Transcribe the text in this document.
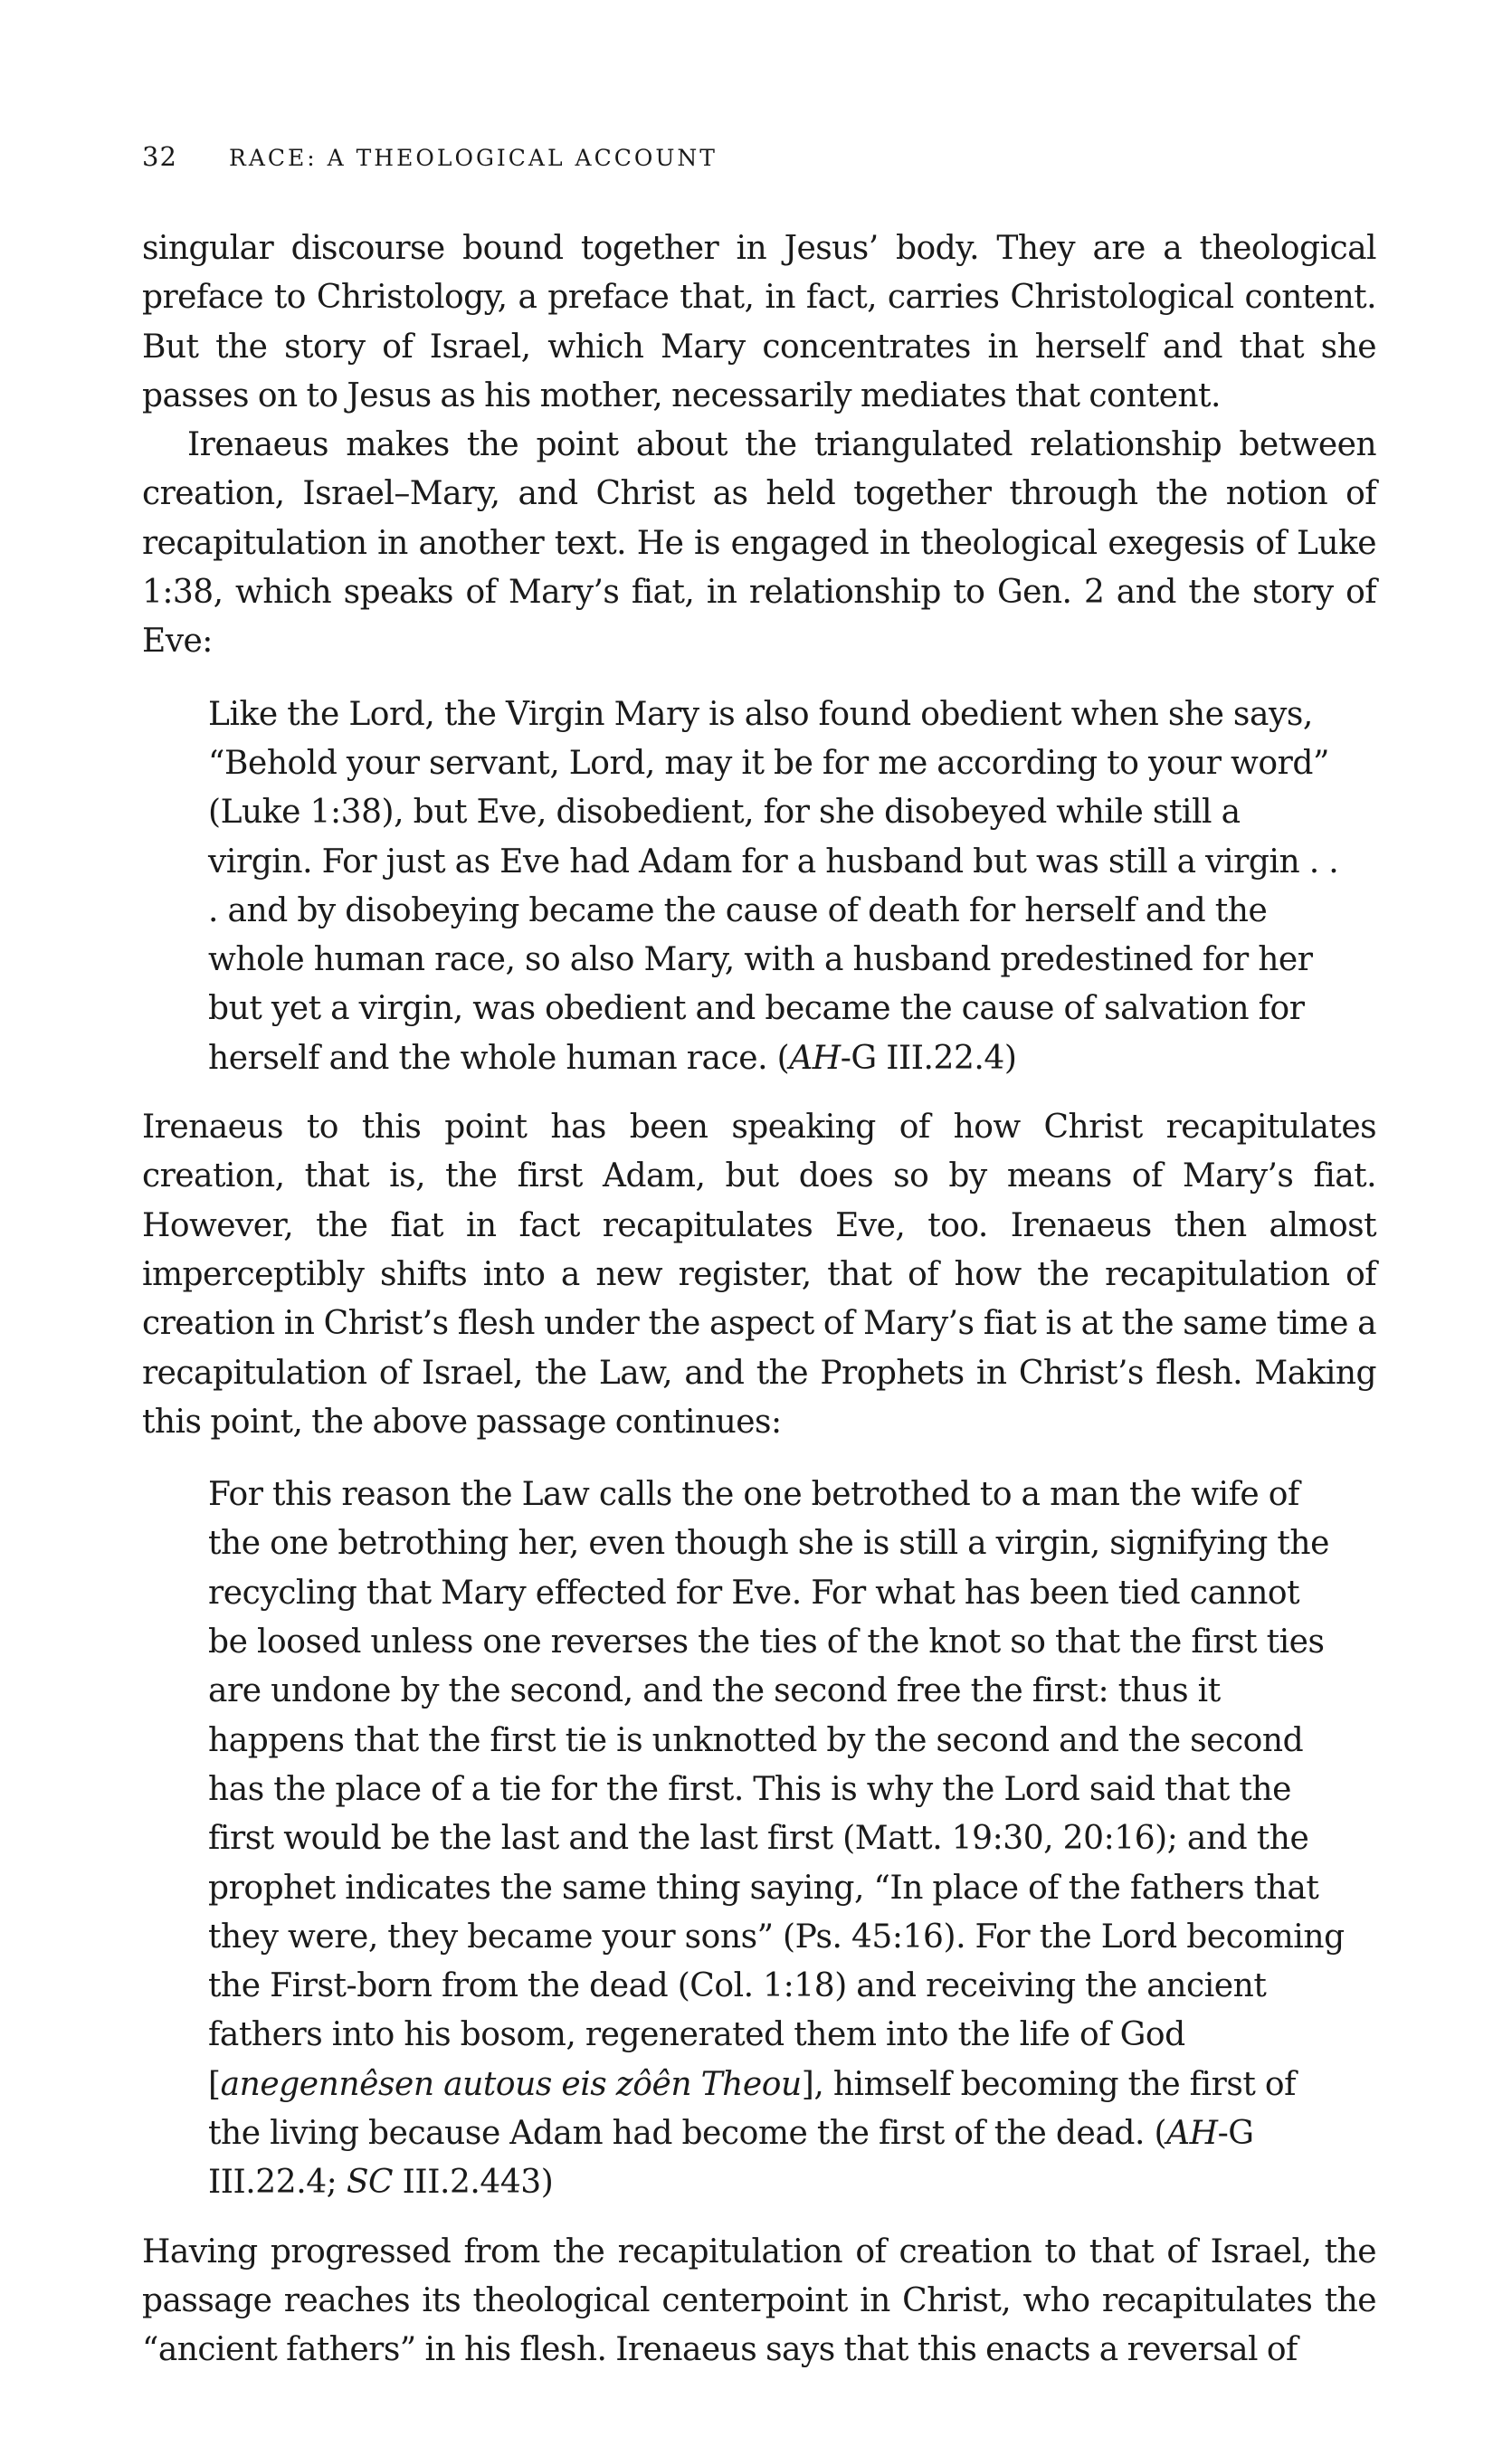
32 RACE: A THEOLOGICAL ACCOUNT

singular discourse bound together in Jesus’ body. They are a theological preface to Christology, a preface that, in fact, carries Christological content. But the story of Israel, which Mary concentrates in herself and that she passes on to Jesus as his mother, necessarily mediates that content.

Irenaeus makes the point about the triangulated relationship between creation, Israel–Mary, and Christ as held together through the notion of recapitulation in another text. He is engaged in theological exegesis of Luke 1:38, which speaks of Mary’s fiat, in relationship to Gen. 2 and the story of Eve:

Like the Lord, the Virgin Mary is also found obedient when she says, “Behold your servant, Lord, may it be for me according to your word” (Luke 1:38), but Eve, disobedient, for she disobeyed while still a virgin. For just as Eve had Adam for a husband but was still a virgin . . . and by disobeying became the cause of death for herself and the whole human race, so also Mary, with a husband predestined for her but yet a virgin, was obedient and became the cause of salvation for herself and the whole human race. (AH-G III.22.4)

Irenaeus to this point has been speaking of how Christ recapitulates creation, that is, the first Adam, but does so by means of Mary’s fiat. However, the fiat in fact recapitulates Eve, too. Irenaeus then almost imperceptibly shifts into a new register, that of how the recapitulation of creation in Christ’s flesh under the aspect of Mary’s fiat is at the same time a recapitulation of Israel, the Law, and the Prophets in Christ’s flesh. Making this point, the above passage continues:

For this reason the Law calls the one betrothed to a man the wife of the one betrothing her, even though she is still a virgin, signifying the recycling that Mary effected for Eve. For what has been tied cannot be loosed unless one reverses the ties of the knot so that the first ties are undone by the second, and the second free the first: thus it happens that the first tie is unknotted by the second and the second has the place of a tie for the first. This is why the Lord said that the first would be the last and the last first (Matt. 19:30, 20:16); and the prophet indicates the same thing saying, “In place of the fathers that they were, they became your sons” (Ps. 45:16). For the Lord becoming the First-born from the dead (Col. 1:18) and receiving the ancient fathers into his bosom, regenerated them into the life of God [anegennêsen autous eis zôên Theou], himself becoming the first of the living because Adam had become the first of the dead. (AH-G III.22.4; SC III.2.443)

Having progressed from the recapitulation of creation to that of Israel, the passage reaches its theological centerpoint in Christ, who recapitulates the “ancient fathers” in his flesh. Irenaeus says that this enacts a reversal of
